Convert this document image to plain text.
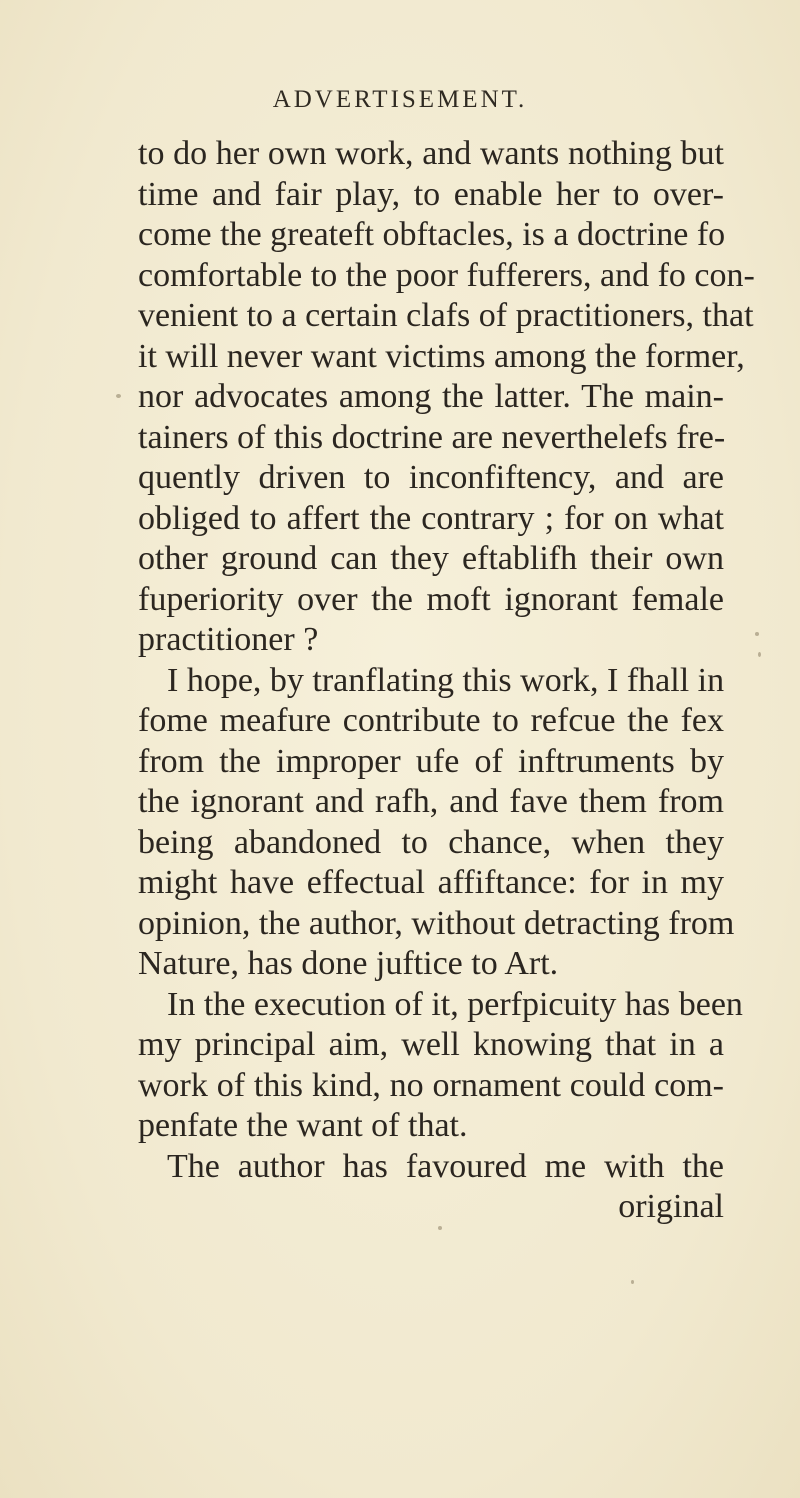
ADVERTISEMENT.
to do her own work, and wants nothing but
time and fair play, to enable her to over-
come the greateft obftacles, is a doctrine fo
comfortable to the poor fufferers, and fo con-
venient to a certain clafs of practitioners, that
it will never want victims among the former,
nor advocates among the latter. The main-
tainers of this doctrine are neverthelefs fre-
quently driven to inconfiftency, and are
obliged to affert the contrary ; for on what
other ground can they eftablifh their own
fuperiority over the moft ignorant female
practitioner ?
I hope, by tranflating this work, I fhall in
fome meafure contribute to refcue the fex
from the improper ufe of inftruments by
the ignorant and rafh, and fave them from
being abandoned to chance, when they
might have effectual affiftance: for in my
opinion, the author, without detracting from
Nature, has done juftice to Art.
In the execution of it, perfpicuity has been
my principal aim, well knowing that in a
work of this kind, no ornament could com-
penfate the want of that.
The author has favoured me with the
original
